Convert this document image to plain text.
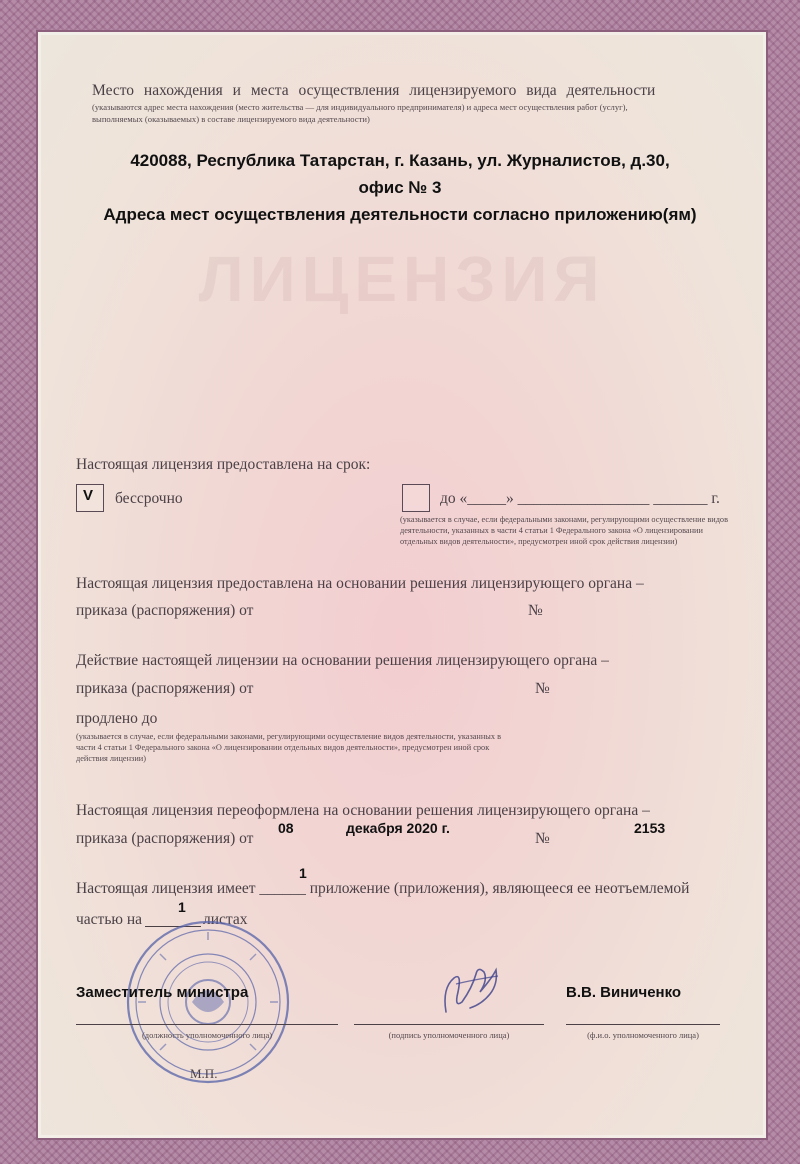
ЛИЦЕНЗИЯ
Место нахождения и места осуществления лицензируемого вида деятельности
(указываются адрес места нахождения (место жительства — для индивидуального предпринимателя) и адреса мест осуществления работ (услуг),
выполняемых (оказываемых) в составе лицензируемого вида деятельности)
420088, Республика Татарстан, г. Казань, ул. Журналистов, д.30,
офис № 3
Адреса мест осуществления деятельности согласно приложению(ям)
Настоящая лицензия предоставлена на срок:
V бессрочно	до «_____» _________________ _______ г.
(указывается в случае, если федеральными законами, регулирующими осуществление видов деятельности, указанных в части 4 статьи 1 Федерального закона «О лицензировании отдельных видов деятельности», предусмотрен иной срок действия лицензии)
Настоящая лицензия предоставлена на основании решения лицензирующего органа –
приказа (распоряжения) от	№
Действие настоящей лицензии на основании решения лицензирующего органа –
приказа (распоряжения) от	№
продлено до
(указывается в случае, если федеральными законами, регулирующими осуществление видов деятельности, указанных в части 4 статьи 1 Федерального закона «О лицензировании отдельных видов деятельности», предусмотрен иной срок действия лицензии)
Настоящая лицензия переоформлена на основании решения лицензирующего органа –
приказа (распоряжения) от
08	декабря 2020 г.
№
2153
1
Настоящая лицензия имеет ______ приложение (приложения), являющееся ее неотъемлемой
частью на
1
листах
Заместитель министра	В.В. Виниченко
(должность уполномоченного лица)	(подпись уполномоченного лица)	(ф.и.о. уполномоченного лица)
М.П.
